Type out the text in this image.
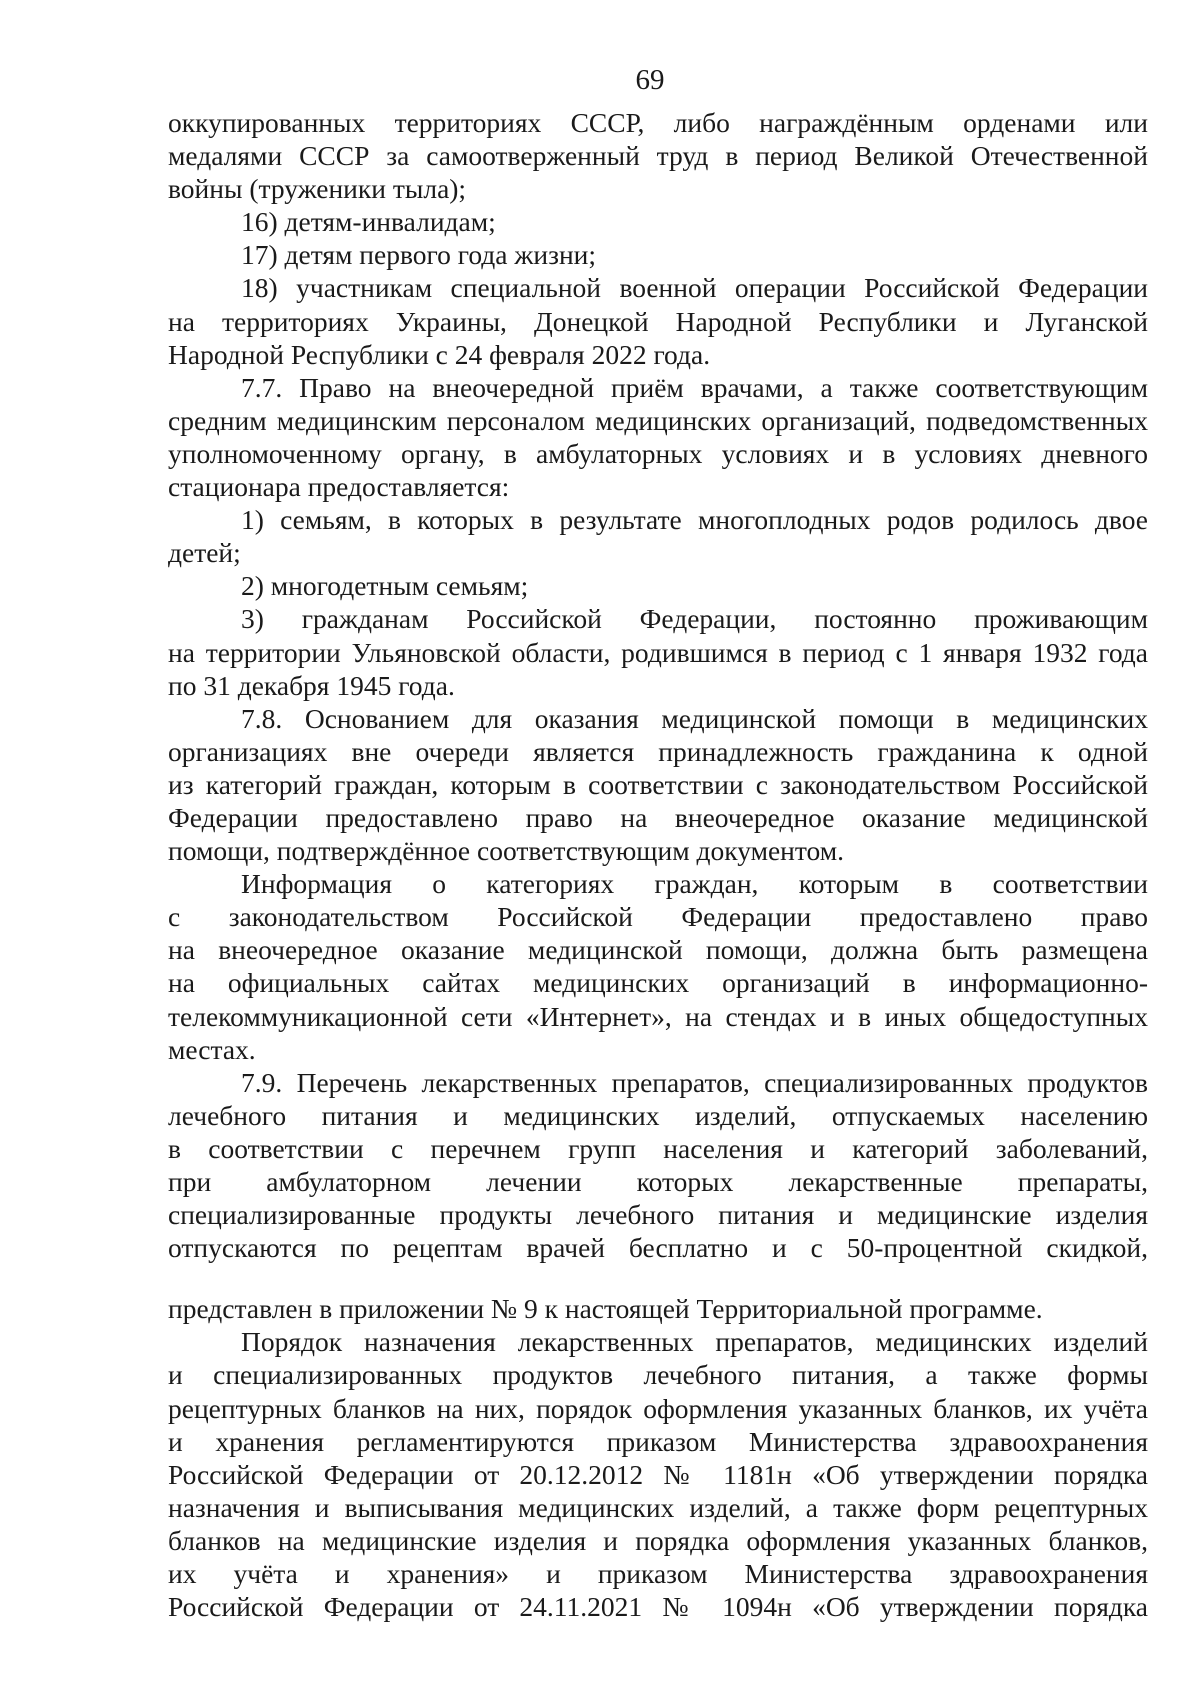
69
оккупированных территориях СССР, либо награждённым орденами или
медалями СССР за самоотверженный труд в период Великой Отечественной
войны (труженики тыла);
16) детям-инвалидам;
17) детям первого года жизни;
18) участникам специальной военной операции Российской Федерации
на территориях Украины, Донецкой Народной Республики и Луганской
Народной Республики с 24 февраля 2022 года.
7.7. Право на внеочередной приём врачами, а также соответствующим
средним медицинским персоналом медицинских организаций, подведомственных
уполномоченному органу, в амбулаторных условиях и в условиях дневного
стационара предоставляется:
1) семьям, в которых в результате многоплодных родов родилось двое
детей;
2) многодетным семьям;
3) гражданам Российской Федерации, постоянно проживающим
на территории Ульяновской области, родившимся в период с 1 января 1932 года
по 31 декабря 1945 года.
7.8. Основанием для оказания медицинской помощи в медицинских
организациях вне очереди является принадлежность гражданина к одной
из категорий граждан, которым в соответствии с законодательством Российской
Федерации предоставлено право на внеочередное оказание медицинской
помощи, подтверждённое соответствующим документом.
Информация о категориях граждан, которым в соответствии
с законодательством Российской Федерации предоставлено право
на внеочередное оказание медицинской помощи, должна быть размещена
на официальных сайтах медицинских организаций в информационно-
телекоммуникационной сети «Интернет», на стендах и в иных общедоступных
местах.
7.9. Перечень лекарственных препаратов, специализированных продуктов
лечебного питания и медицинских изделий, отпускаемых населению
в соответствии с перечнем групп населения и категорий заболеваний,
при амбулаторном лечении которых лекарственные препараты,
специализированные продукты лечебного питания и медицинские изделия
отпускаются по рецептам врачей бесплатно и с 50-процентной скидкой,
представлен в приложении № 9 к настоящей Территориальной программе.
Порядок назначения лекарственных препаратов, медицинских изделий
и специализированных продуктов лечебного питания, а также формы
рецептурных бланков на них, порядок оформления указанных бланков, их учёта
и хранения регламентируются приказом Министерства здравоохранения
Российской Федерации от 20.12.2012 № 1181н «Об утверждении порядка
назначения и выписывания медицинских изделий, а также форм рецептурных
бланков на медицинские изделия и порядка оформления указанных бланков,
их учёта и хранения» и приказом Министерства здравоохранения
Российской Федерации от 24.11.2021 № 1094н «Об утверждении порядка
